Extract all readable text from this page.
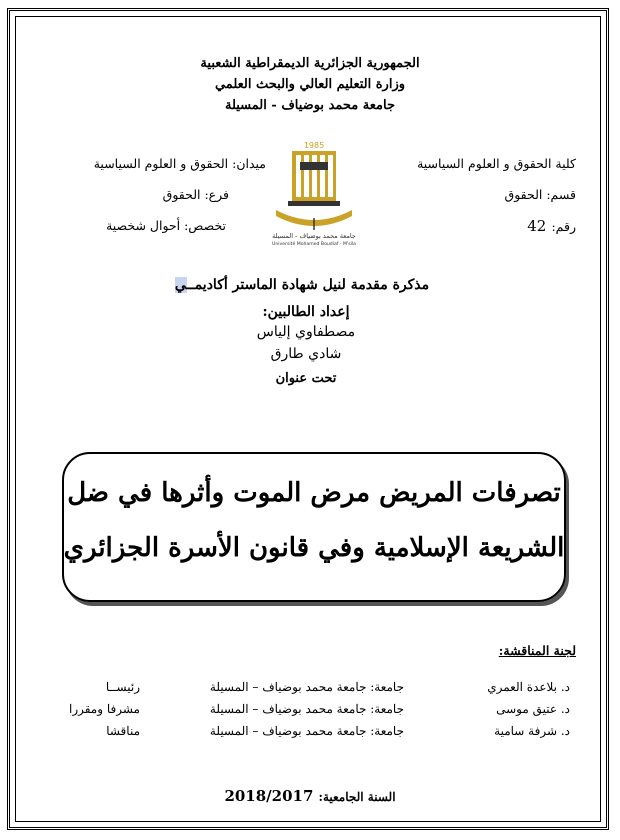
الجمهورية الجزائرية الديمقراطية الشعبية
وزارة التعليم العالي والبحث العلمي
جامعة محمد بوضياف - المسيلة
1985
جامعة محمد بوضياف - المسيلة
Université Mohamed Boudiaf - M'sila
كلية الحقوق و العلوم السياسية
ميدان: الحقوق و العلوم السياسية
قسم: الحقوق
فرع: الحقوق
رقم: 42
تخصص: أحوال شخصية
مذكرة مقدمة لنيل شهادة الماستر أكاديمــي
إعداد الطالبين:
مصطفاوي إلياس
شادي طارق
تحت عنوان
تصرفات المريض مرض الموت وأثرها في ضل
الشريعة الإسلامية وفي قانون الأسرة الجزائري
لجنة المناقشة:
د. بلاعدة العمري
جامعة: جامعة محمد بوضياف – المسيلة
رئيســا
د. عتيق موسى
جامعة: جامعة محمد بوضياف – المسيلة
مشرفا ومقررا
د. شرفة سامية
جامعة: جامعة محمد بوضياف – المسيلة
مناقشا
السنة الجامعية: 2018/2017
